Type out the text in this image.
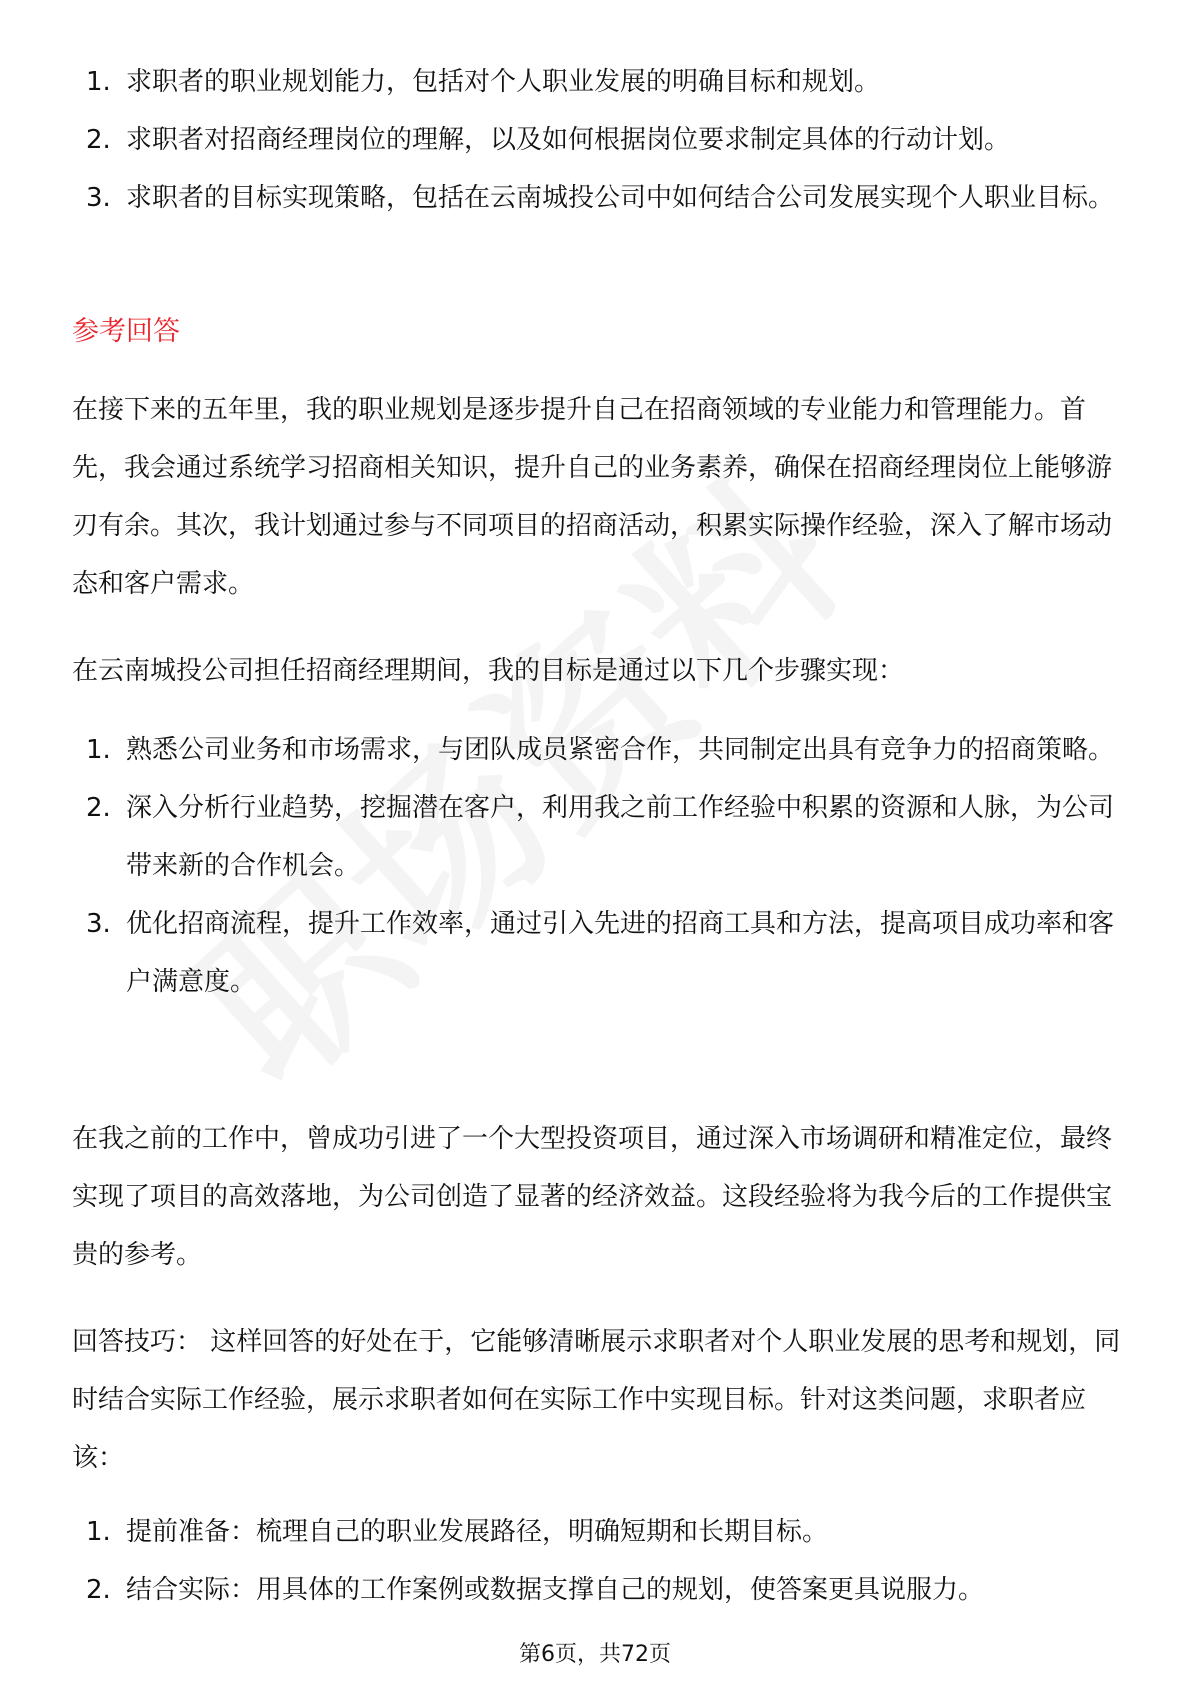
1. 求职者的职业规划能力，包括对个人职业发展的明确目标和规划。
2. 求职者对招商经理岗位的理解，以及如何根据岗位要求制定具体的行动计划。
3. 求职者的目标实现策略，包括在云南城投公司中如何结合公司发展实现个人职业目标。
参考回答

在接下来的五年里，我的职业规划是逐步提升自己在招商领域的专业能力和管理能力。首先，我会通过系统学习招商相关知识，提升自己的业务素养，确保在招商经理岗位上能够游刃有余。其次，我计划通过参与不同项目的招商活动，积累实际操作经验，深入了解市场动态和客户需求。

在云南城投公司担任招商经理期间，我的目标是通过以下几个步骤实现：

1. 熟悉公司业务和市场需求，与团队成员紧密合作，共同制定出具有竞争力的招商策略。
2. 深入分析行业趋势，挖掘潜在客户，利用我之前工作经验中积累的资源和人脉，为公司带来新的合作机会。
3. 优化招商流程，提升工作效率，通过引入先进的招商工具和方法，提高项目成功率和客户满意度。

在我之前的工作中，曾成功引进了一个大型投资项目，通过深入市场调研和精准定位，最终实现了项目的高效落地，为公司创造了显著的经济效益。这段经验将为我今后的工作提供宝贵的参考。

回答技巧： 这样回答的好处在于，它能够清晰展示求职者对个人职业发展的思考和规划，同时结合实际工作经验，展示求职者如何在实际工作中实现目标。针对这类问题，求职者应该：

1. 提前准备：梳理自己的职业发展路径，明确短期和长期目标。
2. 结合实际：用具体的工作案例或数据支撑自己的规划，使答案更具说服力。
第6页，共72页
